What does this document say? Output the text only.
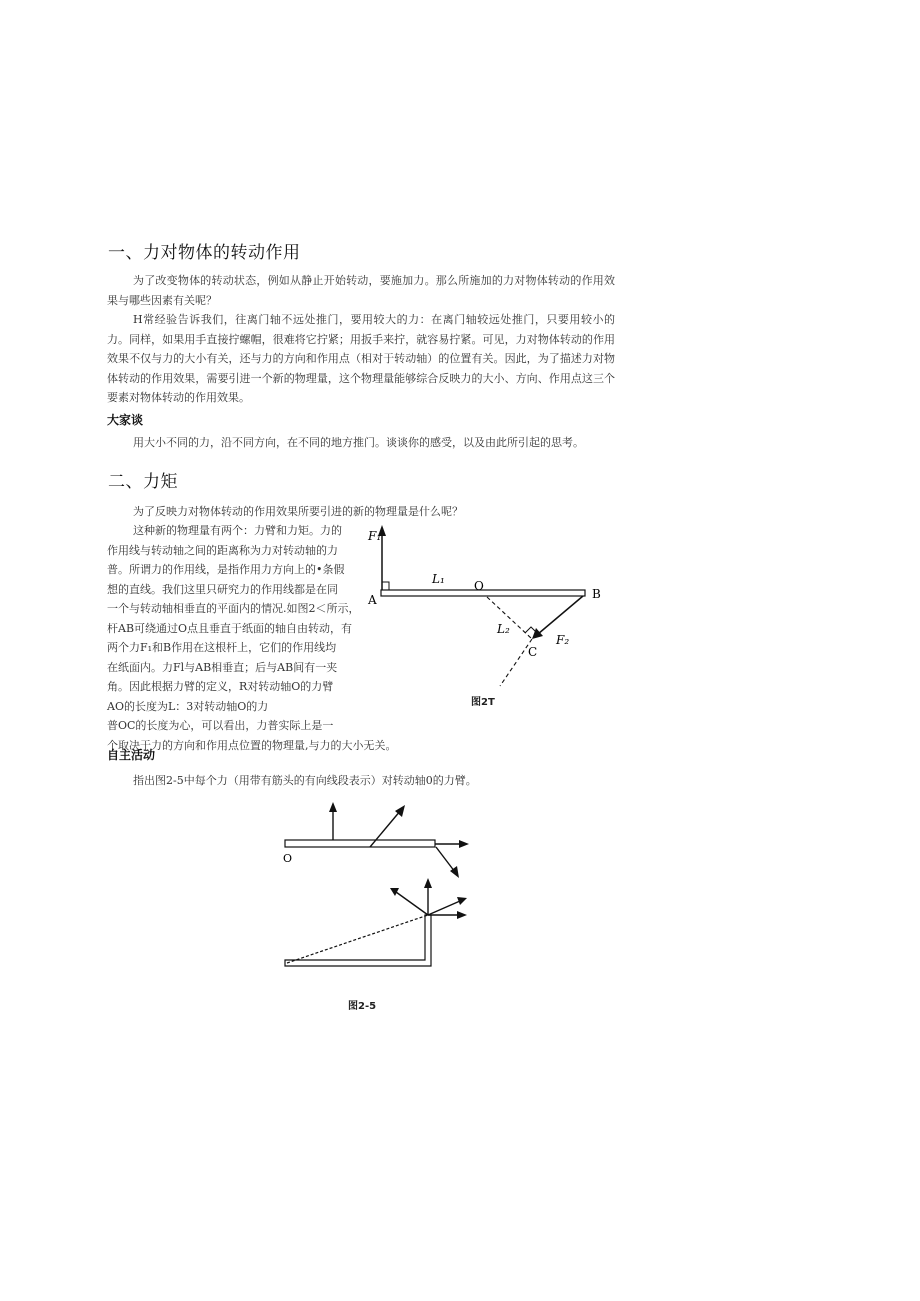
一、力对物体的转动作用
为了改变物体的转动状态，例如从静止开始转动，要施加力。那么所施加的力对物体转动的作用效果与哪些因素有关呢？
H常经验告诉我们，往离门轴不远处推门，要用较大的力：在离门轴较远处推门，只要用较小的力。同样，如果用手直接拧螺帽，很难将它拧紧；用扳手来拧，就容易拧紧。可见，力对物体转动的作用效果不仅与力的大小有关，还与力的方向和作用点（相对于转动轴）的位置有关。因此，为了描述力对物体转动的作用效果，需要引进一个新的物理量，这个物理量能够综合反映力的大小、方向、作用点这三个要素对物体转动的作用效果。
大家谈
用大小不同的力，沿不同方向，在不同的地方推门。谈谈你的感受，以及由此所引起的思考。
二、力矩
为了反映力对物体转动的作用效果所要引进的新的物理量是什么呢？
这种新的物理量有两个：力臂和力矩。力的
作用线与转动轴之间的距离称为力对转动轴的力
普。所谓力的作用线，是指作用力方向上的•条假
想的直线。我们这里只研究力的作用线都是在同
一个与转动轴相垂直的平面内的情况.如图2＜所示，
杆AB可绕通过O点且垂直于纸面的轴自由转动，有
两个力F₁和B作用在这根杆上，它们的作用线均
在纸面内。力Fl与AB相垂直；后与AB间有一夹
角。因此根据力臂的定义，R对转动轴O的力臂
AO的长度为L：3对转动轴O的力
普OC的长度为心，可以看出，力普实际上是一
个取决于力的方向和作用点位置的物理量,与力的大小无关。
F₁
L₁ O
A	B
L₂
F₂
C
图2T
自主活动
指出图2-5中每个力（用带有筋头的有向线段表示）对转动轴0的力臂。
O
图2-5
